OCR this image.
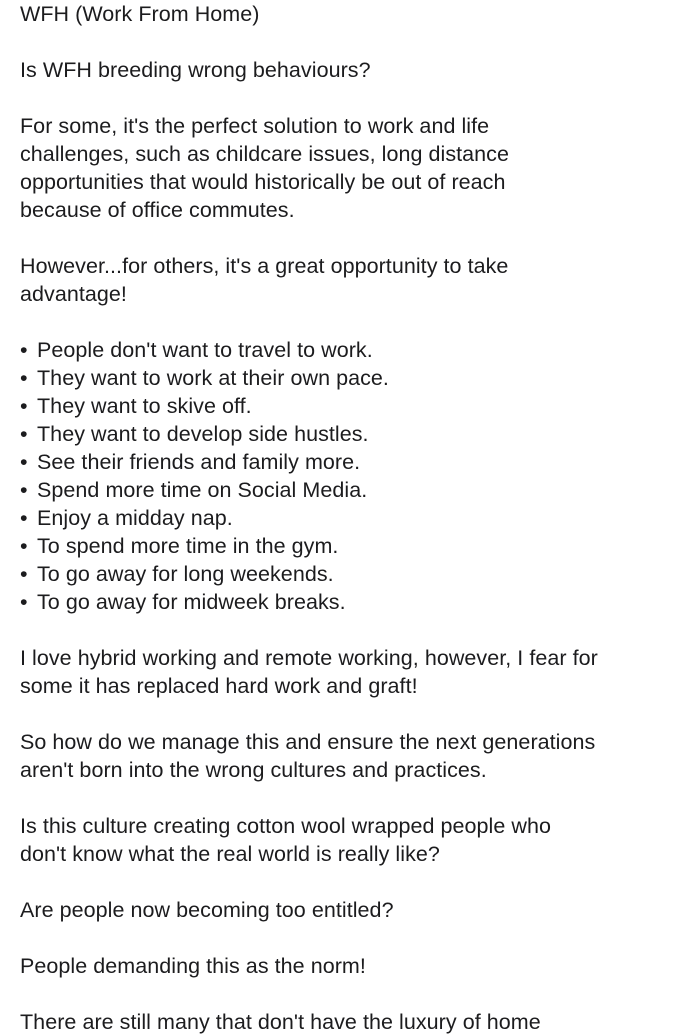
WFH (Work From Home)

Is WFH breeding wrong behaviours?

For some, it's the perfect solution to work and life

challenges, such as childcare issues, long distance

opportunities that would historically be out of reach

because of office commutes.

However...for others, it's a great opportunity to take

advantage!

• People don't want to travel to work.
• They want to work at their own pace.
• They want to skive off.
• They want to develop side hustles.
• See their friends and family more.
• Spend more time on Social Media.
• Enjoy a midday nap.
• To spend more time in the gym.
• To go away for long weekends.
• To go away for midweek breaks.

I love hybrid working and remote working, however, I fear for

some it has replaced hard work and graft!

So how do we manage this and ensure the next generations

aren't born into the wrong cultures and practices.

Is this culture creating cotton wool wrapped people who

don't know what the real world is really like?

Are people now becoming too entitled?

People demanding this as the norm!

There are still many that don't have the luxury of home
